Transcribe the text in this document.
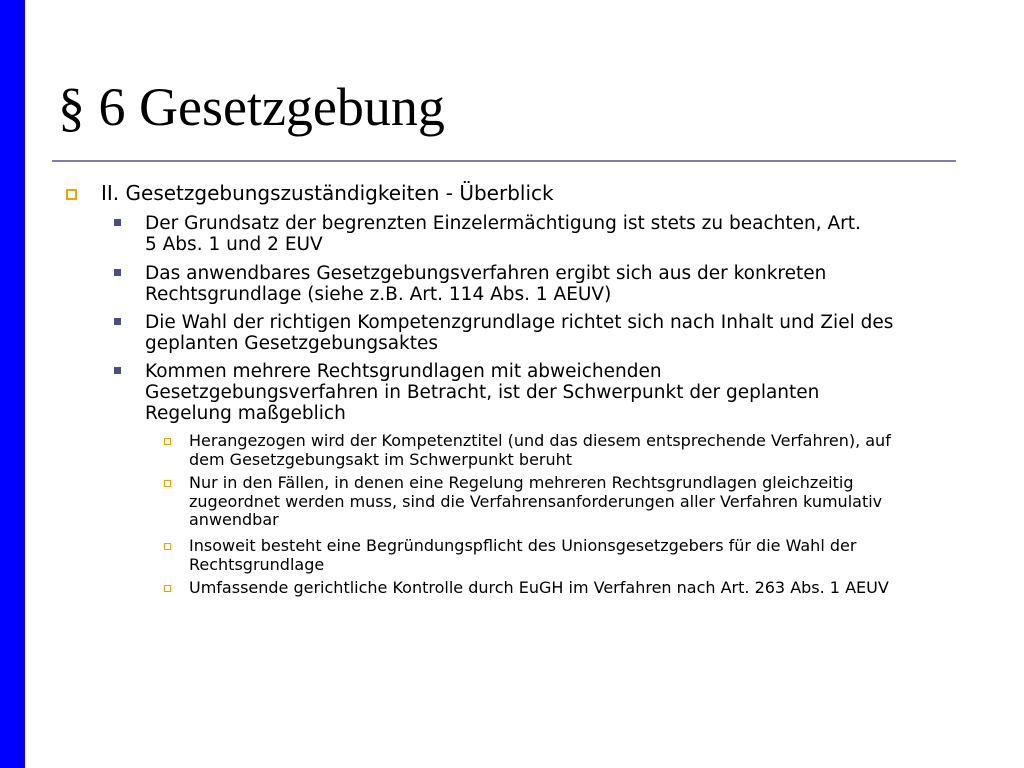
§ 6 Gesetzgebung
II. Gesetzgebungszuständigkeiten - Überblick
Der Grundsatz der begrenzten Einzelermächtigung ist stets zu beachten, Art. 5 Abs. 1 und 2 EUV
Das anwendbares Gesetzgebungsverfahren ergibt sich aus der konkreten Rechtsgrundlage (siehe z.B. Art. 114 Abs. 1 AEUV)
Die Wahl der richtigen Kompetenzgrundlage richtet sich nach Inhalt und Ziel des geplanten Gesetzgebungsaktes
Kommen mehrere Rechtsgrundlagen mit abweichenden Gesetzgebungsverfahren in Betracht, ist der Schwerpunkt der geplanten Regelung maßgeblich
Herangezogen wird der Kompetenztitel (und das diesem entsprechende Verfahren), auf dem Gesetzgebungsakt im Schwerpunkt beruht
Nur in den Fällen, in denen eine Regelung mehreren Rechtsgrundlagen gleichzeitig zugeordnet werden muss, sind die Verfahrensanforderungen aller Verfahren kumulativ anwendbar
Insoweit besteht eine Begründungspflicht des Unionsgesetzgebers für die Wahl der Rechtsgrundlage
Umfassende gerichtliche Kontrolle durch EuGH im Verfahren nach Art. 263 Abs. 1 AEUV
